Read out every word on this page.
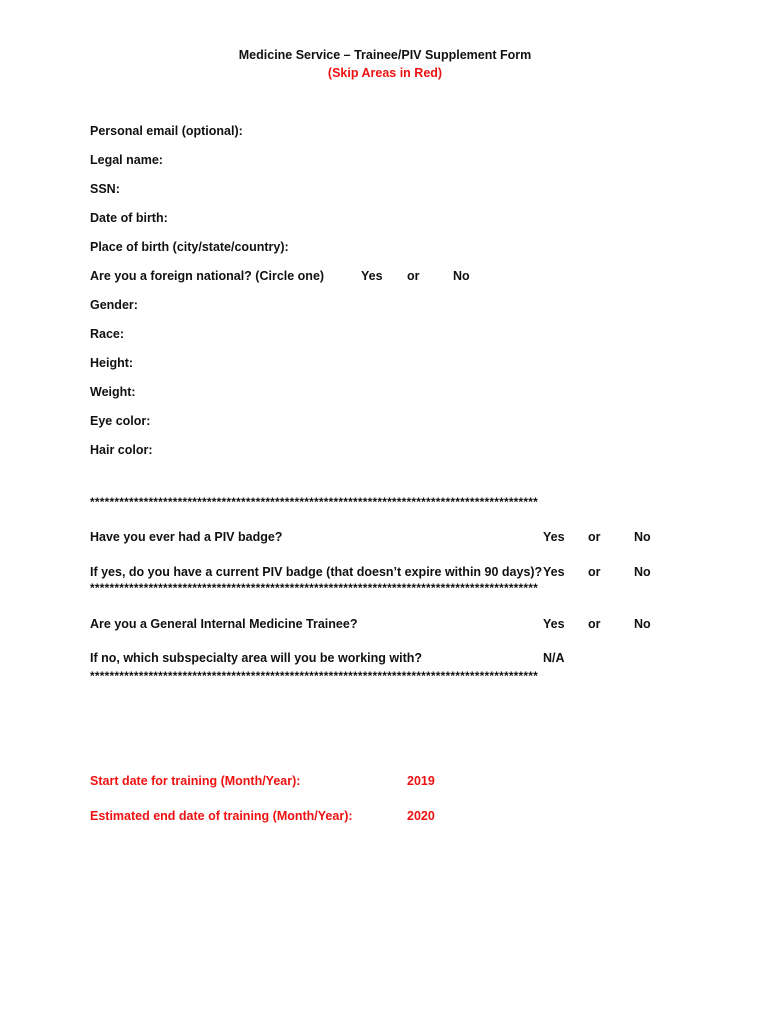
Medicine Service – Trainee/PIV Supplement Form
(Skip Areas in Red)
Personal email (optional):
Legal name:
SSN:
Date of birth:
Place of birth (city/state/country):
Are you a foreign national? (Circle one)	Yes or	No
Gender:
Race:
Height:
Weight:
Eye color:
Hair color:
********************************************************************************************
Have you ever had a PIV badge?	Yes or	No
If yes, do you have a current PIV badge (that doesn’t expire within 90 days)? Yes or	No
********************************************************************************************
Are you a General Internal Medicine Trainee?	Yes or	No
If no, which subspecialty area will you be working with?	N/A
********************************************************************************************
Start date for training (Month/Year):	2019
Estimated end date of training (Month/Year):	2020
